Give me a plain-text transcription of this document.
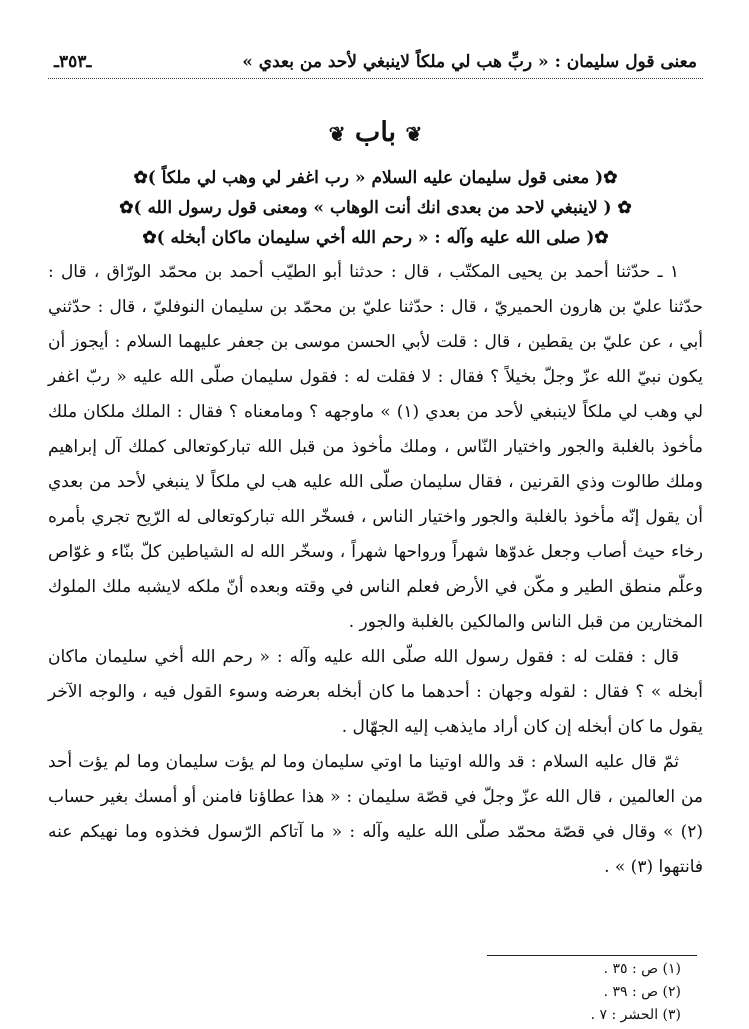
معنى قول سليمان : « ربِّ هب لي ملكاً لاينبغي لأحد من بعدي »
ـ٣٥٣ـ
❦ باب ❦
✿( معنى قول سليمان عليه السلام « رب اغفر لي وهب لي ملكاً )✿
✿ ( لاينبغي لاحد من بعدى انك أنت الوهاب » ومعنى قول رسول الله )✿
✿( صلى الله عليه وآله : « رحم الله أخي سليمان ماكان أبخله )✿

١ ـ حدّثنا أحمد بن يحيى المكتّب ، قال : حدثنا أبو الطيّب أحمد بن محمّد الورّاق ، قال : حدّثنا عليّ بن هارون الحميريّ ، قال : حدّثنا عليّ بن محمّد بن سليمان النوفليّ ، قال : حدّثني أبي ، عن عليّ بن يقطين ، قال : قلت لأبي الحسن موسى بن جعفر عليهما السلام : أيجوز أن يكون نبيّ الله عزّ وجلّ بخيلاً ؟ فقال : لا فقلت له : فقول سليمان صلّى الله عليه « ربّ اغفر لي وهب لي ملكاً لاينبغي لأحد من بعدي (١) » ماوجهه ؟ ومامعناه ؟ فقال : الملك ملكان ملك مأخوذ بالغلبة والجور واختيار النّاس ، وملك مأخوذ من قبل الله تباركوتعالى كملك آل إبراهيم وملك طالوت وذي القرنين ، فقال سليمان صلّى الله عليه هب لي ملكاً لا ينبغي لأحد من بعدي أن يقول إنّه مأخوذ بالغلبة والجور واختيار الناس ، فسخّر الله تباركوتعالى له الرّيح تجري بأمره رخاء حيث أصاب وجعل غدوّها شهراً ورواحها شهراً ، وسخّر الله له الشياطين كلّ بنّاء و غوّاص وعلّم منطق الطير و مكّن في الأرض فعلم الناس في وقته وبعده أنّ ملكه لايشبه ملك الملوك المختارين من قبل الناس والمالكين بالغلبة والجور .

قال : فقلت له : فقول رسول الله صلّى الله عليه وآله : « رحم الله أخي سليمان ماكان أبخله » ؟ فقال : لقوله وجهان : أحدهما ما كان أبخله بعرضه وسوء القول فيه ، والوجه الآخر يقول ما كان أبخله إن كان أراد مايذهب إليه الجهّال .

ثمّ قال عليه السلام : قد والله اوتينا ما اوتي سليمان وما لم يؤت سليمان وما لم يؤت أحد من العالمين ، قال الله عزّ وجلّ في قصّة سليمان : « هذا عطاؤنا فامنن أو أمسك بغير حساب (٢) » وقال في قصّة محمّد صلّى الله عليه وآله : « ما آتاكم الرّسول فخذوه وما نهيكم عنه فانتهوا (٣) » .

(١) ص : ٣٥ .
(٢) ص : ٣٩ .
(٣) الحشر : ٧ .
